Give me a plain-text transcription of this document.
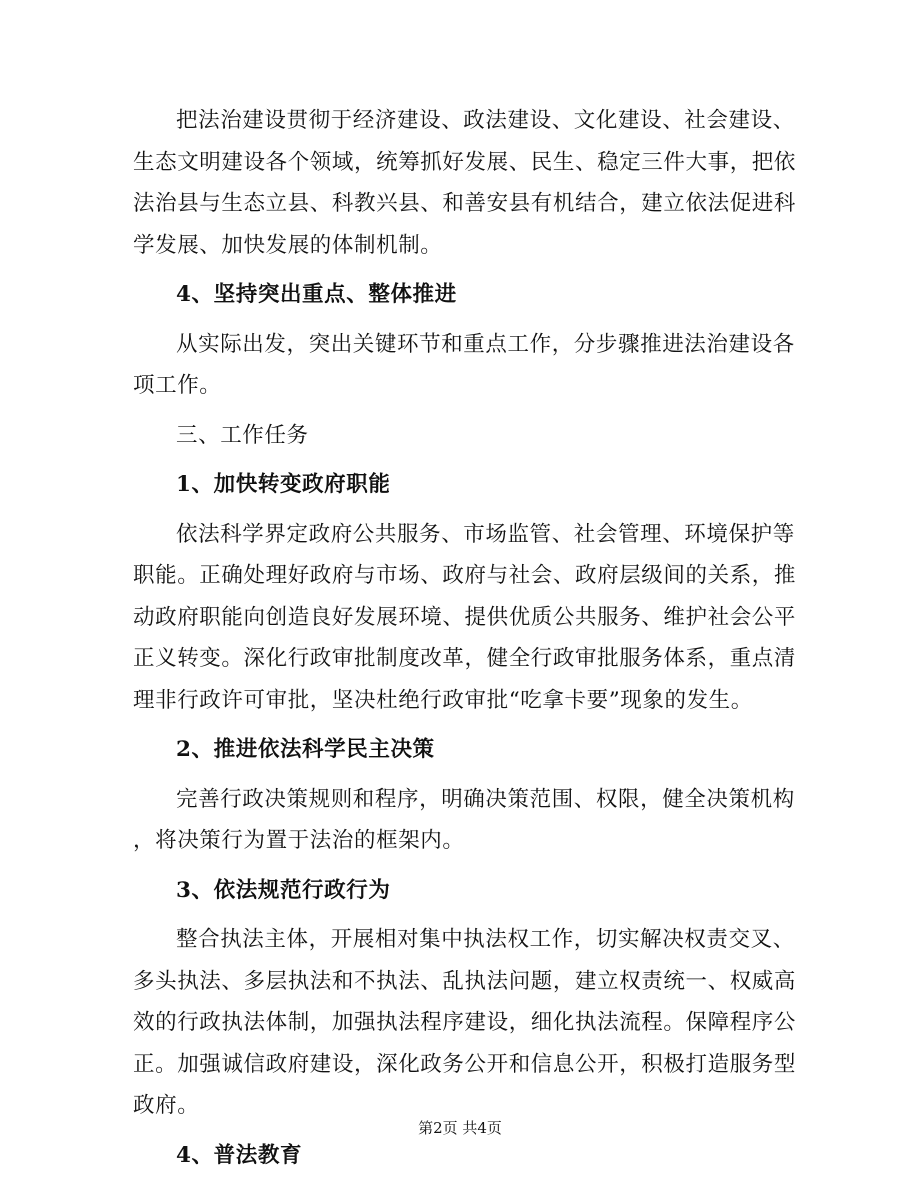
把法治建设贯彻于经济建设、政法建设、文化建设、社会建设、
生态文明建设各个领域，统筹抓好发展、民生、稳定三件大事，把依
法治县与生态立县、科教兴县、和善安县有机结合，建立依法促进科
学发展、加快发展的体制机制。
4、坚持突出重点、整体推进
从实际出发，突出关键环节和重点工作，分步骤推进法治建设各
项工作。
三、工作任务
1、加快转变政府职能
依法科学界定政府公共服务、市场监管、社会管理、环境保护等
职能。正确处理好政府与市场、政府与社会、政府层级间的关系，推
动政府职能向创造良好发展环境、提供优质公共服务、维护社会公平
正义转变。深化行政审批制度改革，健全行政审批服务体系，重点清
理非行政许可审批，坚决杜绝行政审批“吃拿卡要”现象的发生。
2、推进依法科学民主决策
完善行政决策规则和程序，明确决策范围、权限，健全决策机构
，将决策行为置于法治的框架内。
3、依法规范行政行为
整合执法主体，开展相对集中执法权工作，切实解决权责交叉、
多头执法、多层执法和不执法、乱执法问题，建立权责统一、权威高
效的行政执法体制，加强执法程序建设，细化执法流程。保障程序公
正。加强诚信政府建设，深化政务公开和信息公开，积极打造服务型
政府。
4、普法教育
第2页 共4页
